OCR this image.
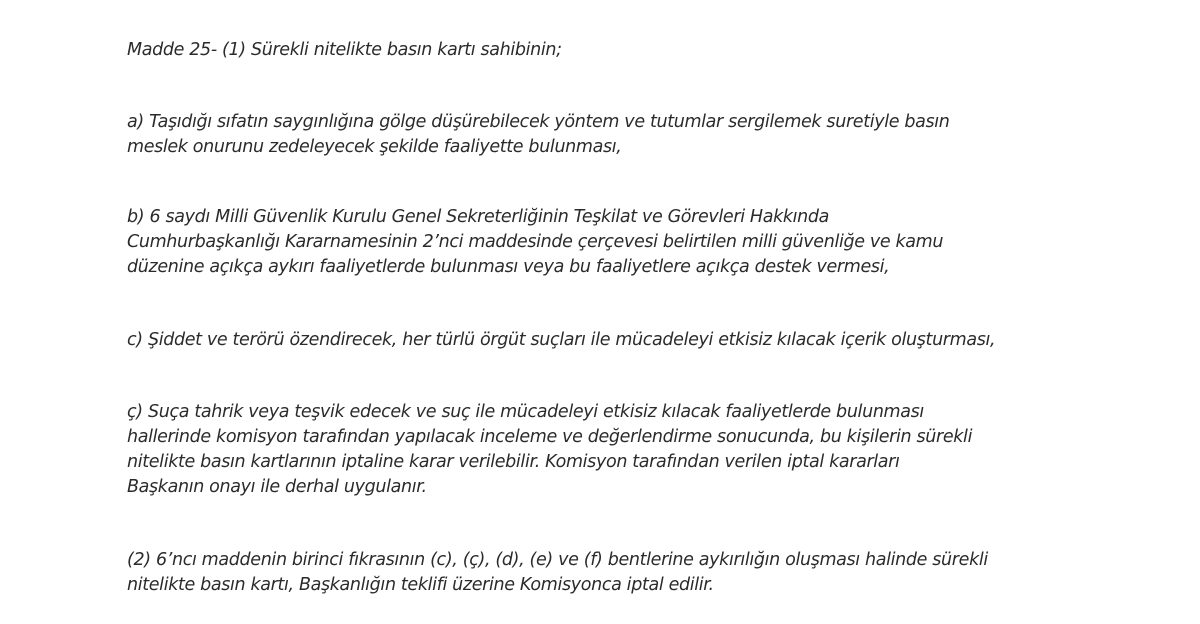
Madde 25- (1) Sürekli nitelikte basın kartı sahibinin;

a) Taşıdığı sıfatın saygınlığına gölge düşürebilecek yöntem ve tutumlar sergilemek suretiyle basın
meslek onurunu zedeleyecek şekilde faaliyette bulunması,

b) 6 saydı Milli Güvenlik Kurulu Genel Sekreterliğinin Teşkilat ve Görevleri Hakkında
Cumhurbaşkanlığı Kararnamesinin 2’nci maddesinde çerçevesi belirtilen milli güvenliğe ve kamu
düzenine açıkça aykırı faaliyetlerde bulunması veya bu faaliyetlere açıkça destek vermesi,

c) Şiddet ve terörü özendirecek, her türlü örgüt suçları ile mücadeleyi etkisiz kılacak içerik oluşturması,

ç) Suça tahrik veya teşvik edecek ve suç ile mücadeleyi etkisiz kılacak faaliyetlerde bulunması
hallerinde komisyon tarafından yapılacak inceleme ve değerlendirme sonucunda, bu kişilerin sürekli
nitelikte basın kartlarının iptaline karar verilebilir. Komisyon tarafından verilen iptal kararları
Başkanın onayı ile derhal uygulanır.

(2) 6’ncı maddenin birinci fıkrasının (c), (ç), (d), (e) ve (f) bentlerine aykırılığın oluşması halinde sürekli
nitelikte basın kartı, Başkanlığın teklifi üzerine Komisyonca iptal edilir.
